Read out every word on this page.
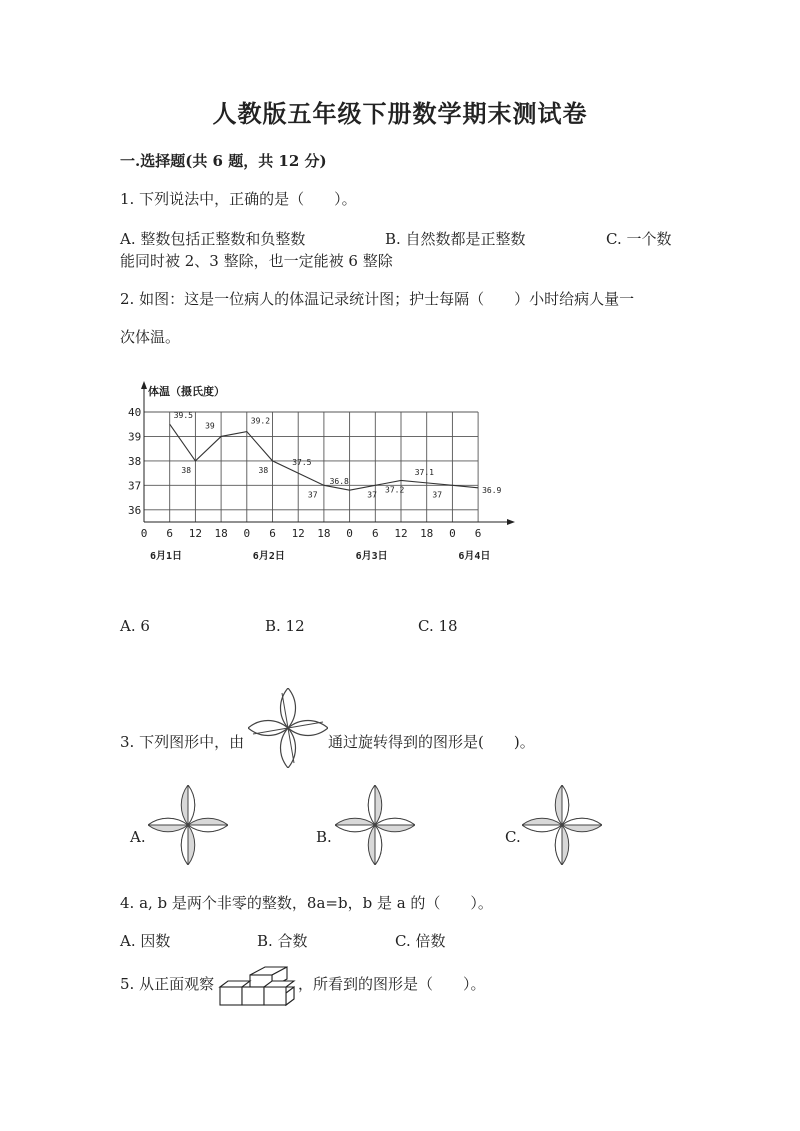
人教版五年级下册数学期末测试卷
一.选择题(共 6 题，共 12 分)
1. 下列说法中，正确的是（　　）。
A. 整数包括正整数和负整数	B. 自然数都是正整数	C. 一个数
能同时被 2、3 整除，也一定能被 6 整除
2. 如图：这是一位病人的体温记录统计图；护士每隔（　　）小时给病人量一
次体温。
36
37
38
39
40
0 6 12 18 0 6 12 18 0 6 12 18 0 6
6月1日	6月2日	6月3日	6月4日
39.5
38
39
39.2
38
37.5
37
36.8
37
37.2
37.1
37
36.9
体温（摄氏度）
A. 6	B. 12	C. 18
3. 下列图形中，由	通过旋转得到的图形是(　　)。
A.	B.	C.
4. a, b 是两个非零的整数，8a=b，b 是 a 的（　　）。
A. 因数	B. 合数	C. 倍数
5. 从正面观察	，所看到的图形是（　　）。
